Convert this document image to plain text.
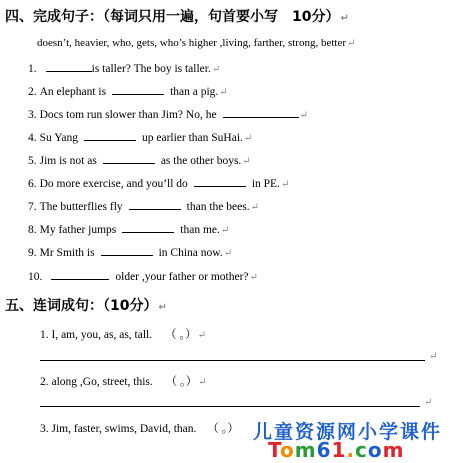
四、完成句子：（每词只用一遍，句首要小写　10分）↵
doesn’t, heavier, who, gets, who’s higher ,living, farther, strong, better↵
1.	is taller? The boy is taller.↵
2. An elephant is	than a pig.↵
3. Docs tom run slower than Jim? No, he	↵
4. Su Yang	up earlier than SuHai.↵
5. Jim is not as	as the other boys.↵
6. Do more exercise, and you’ll do	in PE.↵
7. The butterflies fly	than the bees.↵
8. My father jumps	than me.↵
9. Mr Smith is	in China now.↵
10.	older ,your father or mother?↵
五、连词成句：（10分）↵
1. I, am, you, as, as, tall. （ 。）↵
↵
2. along ,Go, street, this. （ 。）↵
↵
3. Jim, faster, swims, David, than. （ 。） 儿童资源网小学课件
Tom61.com
